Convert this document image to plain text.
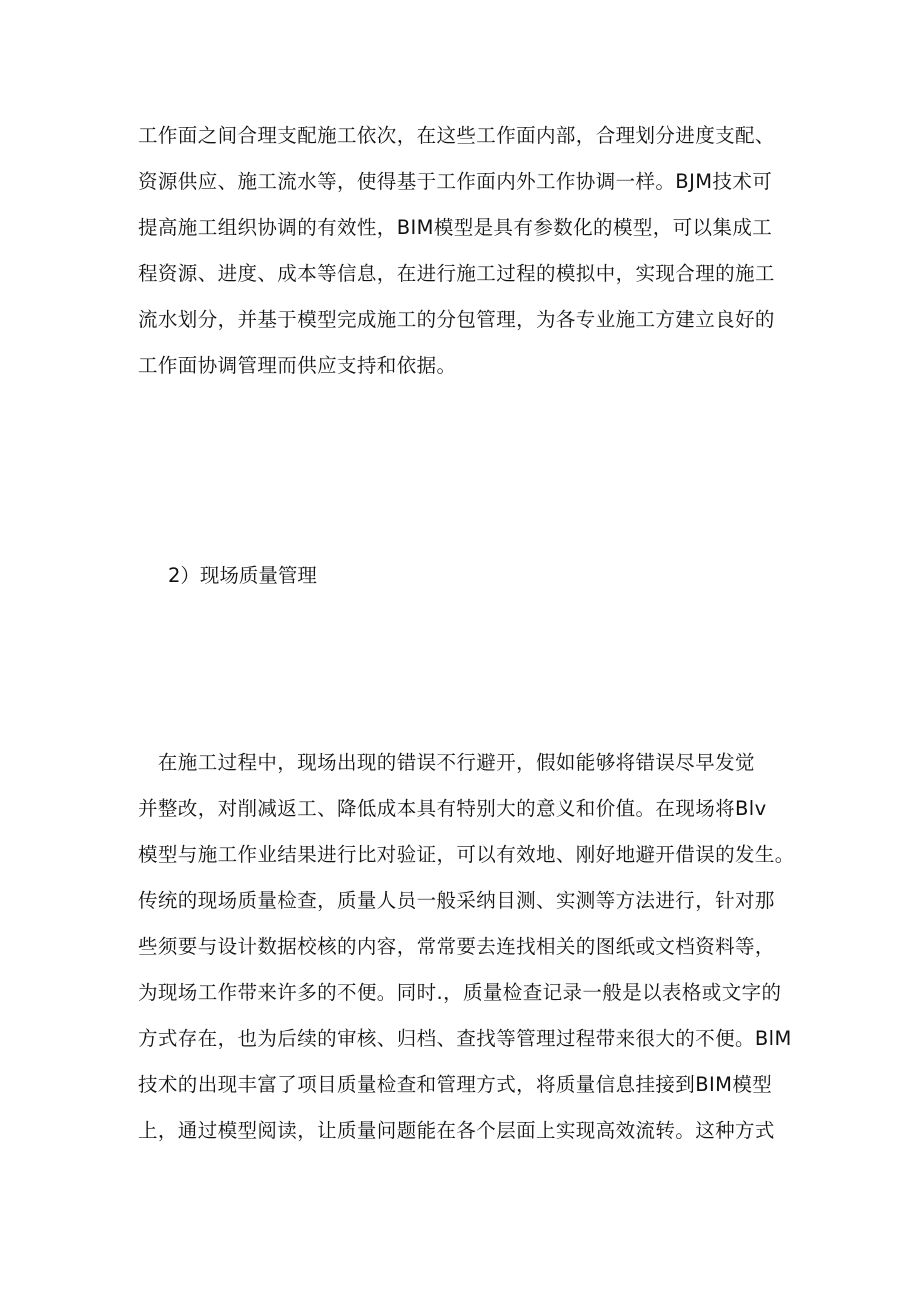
工作面之间合理支配施工依次，在这些工作面内部，合理划分进度支配、
资源供应、施工流水等，使得基于工作面内外工作协调一样。BJM技术可
提高施工组织协调的有效性，BIM模型是具有参数化的模型，可以集成工
程资源、进度、成本等信息，在进行施工过程的模拟中，实现合理的施工
流水划分，并基于模型完成施工的分包管理，为各专业施工方建立良好的
工作面协调管理而供应支持和依据。
2）现场质量管理
　在施工过程中，现场出现的错误不行避开，假如能够将错误尽早发觉
并整改，对削减返工、降低成本具有特别大的意义和价值。在现场将Blv
模型与施工作业结果进行比对验证，可以有效地、刚好地避开借误的发生。
传统的现场质量检查，质量人员一般采纳目测、实测等方法进行，针对那
些须要与设计数据校核的内容，常常要去连找相关的图纸或文档资料等，
为现场工作带来许多的不便。同时.，质量检查记录一般是以表格或文字的
方式存在，也为后续的审核、归档、查找等管理过程带来很大的不便。BlM
技术的出现丰富了项目质量检查和管理方式，将质量信息挂接到BIM模型
上，通过模型阅读，让质量问题能在各个层面上实现高效流转。这种方式
